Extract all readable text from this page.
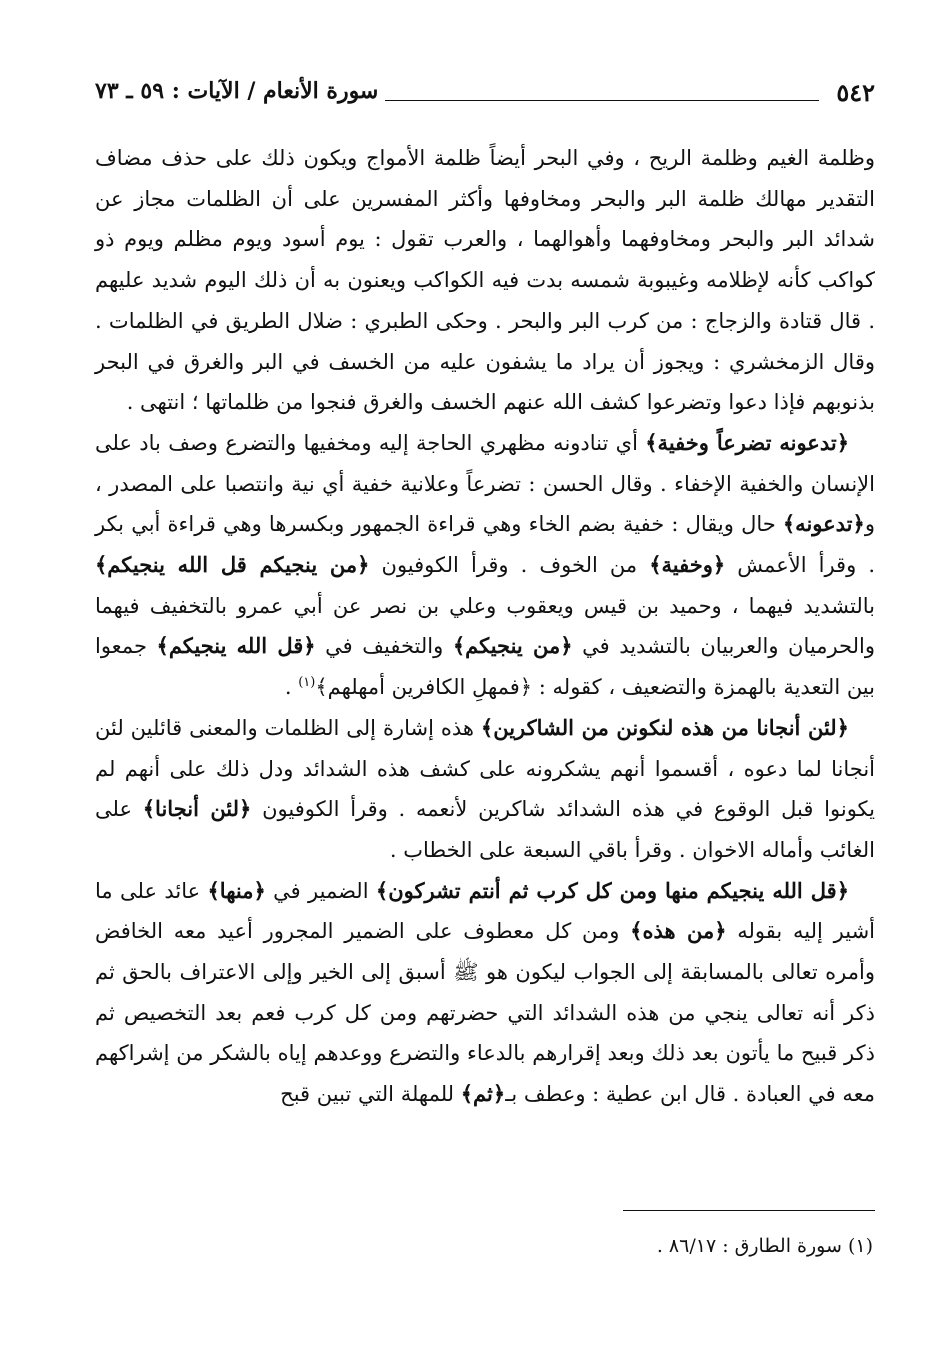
٥٤٢
سورة الأنعام / الآيات : ٥٩ ـ ٧٣

وظلمة الغيم وظلمة الريح ، وفي البحر أيضاً ظلمة الأمواج ويكون ذلك على حذف مضاف التقدير مهالك ظلمة البر والبحر ومخاوفها وأكثر المفسرين على أن الظلمات مجاز عن شدائد البر والبحر ومخاوفهما وأهوالهما ، والعرب تقول : يوم أسود ويوم مظلم ويوم ذو كواكب كأنه لإظلامه وغيبوبة شمسه بدت فيه الكواكب ويعنون به أن ذلك اليوم شديد عليهم . قال قتادة والزجاج : من كرب البر والبحر . وحكى الطبري : ضلال الطريق في الظلمات . وقال الزمخشري : ويجوز أن يراد ما يشفون عليه من الخسف في البر والغرق في البحر بذنوبهم فإذا دعوا وتضرعوا كشف الله عنهم الخسف والغرق فنجوا من ظلماتها ؛ انتهى .

﴿تدعونه تضرعاً وخفية﴾ أي تنادونه مظهري الحاجة إليه ومخفيها والتضرع وصف باد على الإنسان والخفية الإخفاء . وقال الحسن : تضرعاً وعلانية خفية أي نية وانتصبا على المصدر ، و﴿تدعونه﴾ حال ويقال : خفية بضم الخاء وهي قراءة الجمهور وبكسرها وهي قراءة أبي بكر . وقرأ الأعمش ﴿وخفية﴾ من الخوف . وقرأ الكوفيون ﴿من ينجيكم قل الله ينجيكم﴾ بالتشديد فيهما ، وحميد بن قيس ويعقوب وعلي بن نصر عن أبي عمرو بالتخفيف فيهما والحرميان والعربيان بالتشديد في ﴿من ينجيكم﴾ والتخفيف في ﴿قل الله ينجيكم﴾ جمعوا بين التعدية بالهمزة والتضعيف ، كقوله : ﴿فمهلِ الكافرين أمهلهم﴾$^{(١)}$ .

﴿لئن أنجانا من هذه لنكونن من الشاكرين﴾ هذه إشارة إلى الظلمات والمعنى قائلين لئن أنجانا لما دعوه ، أقسموا أنهم يشكرونه على كشف هذه الشدائد ودل ذلك على أنهم لم يكونوا قبل الوقوع في هذه الشدائد شاكرين لأنعمه . وقرأ الكوفيون ﴿لئن أنجانا﴾ على الغائب وأماله الاخوان . وقرأ باقي السبعة على الخطاب .

﴿قل الله ينجيكم منها ومن كل كرب ثم أنتم تشركون﴾ الضمير في ﴿منها﴾ عائد على ما أشير إليه بقوله ﴿من هذه﴾ ومن كل معطوف على الضمير المجرور أعيد معه الخافض وأمره تعالى بالمسابقة إلى الجواب ليكون هو ﷺ أسبق إلى الخير وإلى الاعتراف بالحق ثم ذكر أنه تعالى ينجي من هذه الشدائد التي حضرتهم ومن كل كرب فعم بعد التخصيص ثم ذكر قبيح ما يأتون بعد ذلك وبعد إقرارهم بالدعاء والتضرع ووعدهم إياه بالشكر من إشراكهم معه في العبادة . قال ابن عطية : وعطف بـ﴿ثم﴾ للمهلة التي تبين قبح

(١) سورة الطارق : ٨٦/١٧ .
